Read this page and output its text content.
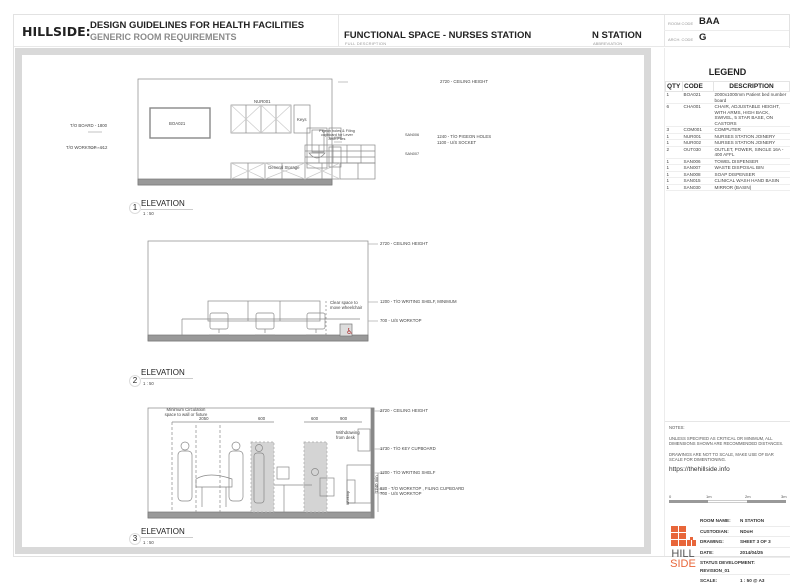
HILLSIDE: DESIGN GUIDELINES FOR HEALTH FACILITIES
GENERIC ROOM REQUIREMENTS	FUNCTIONAL SPACE - NURSES STATION
FULL DESCRIPTION
N STATION
ABBREVIATION
ROOM CODE BAA
ARCH. CODE G
♿
T/O BOARD - 1800
T/O WORKTOP - 912
BOA021
NUR001
Keys
Pigeon holes & Filing cupboard for Lever Arch Files
General Storage
SAN006
SAN007
2720 - CEILING HEIGHT
1240 - T/O PIGEON HOLES
1100 - U/S SOCKET
1 ELEVATION
1 : 50
2720 - CEILING HEIGHT
1200 - T/O WRITING SHELF, MINIMUM
700 - U/S WORKTOP
Clear space to move wheelchair
2
ELEVATION
1 : 50
Minimum Circulation space to wall or fixture
2050	600	600	900
Withdrawing from desk
2720 - CEILING HEIGHT
1730 - T/O KEY CUPBOARD
1200 - T/O WRITING SHELF
830 - T/O WORKTOP , FILING CUPBOARD
700 - U/S WORKTOP
1240 min
Worktop
3
ELEVATION
1 : 50
LEGEND
QTY	CODE	DESCRIPTION
1	BOA021	2000x1000mm Patient bed number board
6	CHA001	CHAIR, ADJUSTABLE HEIGHT, WITH ARMS, HIGH BACK, SWIVEL, 5 STAR BASE, ON CASTORS
3	COM001	COMPUTER
1	NUR001	NURSES STATION JOINERY
1	NUR002	NURSES STATION JOINERY
2	OUT030	OUTLET, POWER, SINGLE 16A - 400 AFFL
1	SAN006	TOWEL DISPENSER
1	SAN007	WASTE DISPOSAL BIN
1	SAN008	SOAP DISPENSER
1	SAN015	CLINICAL WASH HAND BASIN
1	SAN030	MIRROR (BASIN)

NOTES:

UNLESS SPECIFIED AS CRITICAL OR MINIMUM, ALL DIMENSIONS SHOWN ARE RECOMMENDED DISTANCES.

DRAWINGS ARE NOT TO SCALE, MAKE USE OF BAR SCALE FOR DIMENTIONING.

https://thehillside.info
0	1m	2m	3m
HILL
SIDE
ROOM NAME:	N STATION
CUSTODIAN:	NDoH
DRAWING:	SHEET 3 OF 3
DATE:	2014/04/25
STATUS DEVELOPMENT:
REVISION_01
SCALE:	1 : 50 @ A3
